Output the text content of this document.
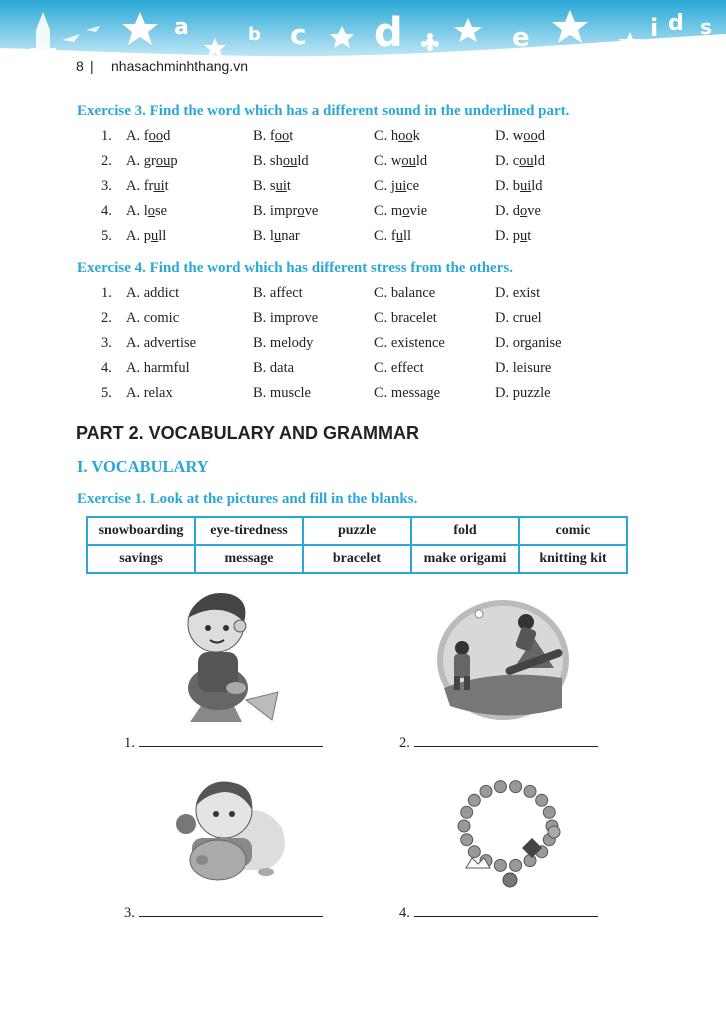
a	b c d	e	i d s
8 | nhasachminhthang.vn
Exercise 3. Find the word which has a different sound in the underlined part.
1. A. food	B. foot	C. hook	D. wood
2. A. group	B. should	C. would	D. could
3. A. fruit	B. suit	C. juice	D. build
4. A. lose	B. improve	C. movie	D. dove
5. A. pull	B. lunar	C. full	D. put
Exercise 4. Find the word which has different stress from the others.
1. A. addict	B. affect	C. balance	D. exist
2. A. comic	B. improve	C. bracelet	D. cruel
3. A. advertise	B. melody	C. existence	D. organise
4. A. harmful	B. data	C. effect	D. leisure
5. A. relax	B. muscle	C. message	D. puzzle
PART 2. VOCABULARY AND GRAMMAR
I. VOCABULARY
Exercise 1. Look at the pictures and fill in the blanks.
snowboarding	eye-tiredness	puzzle	fold	comic
savings	message	bracelet	make origami	knitting kit
1.	2.
3.	4.
